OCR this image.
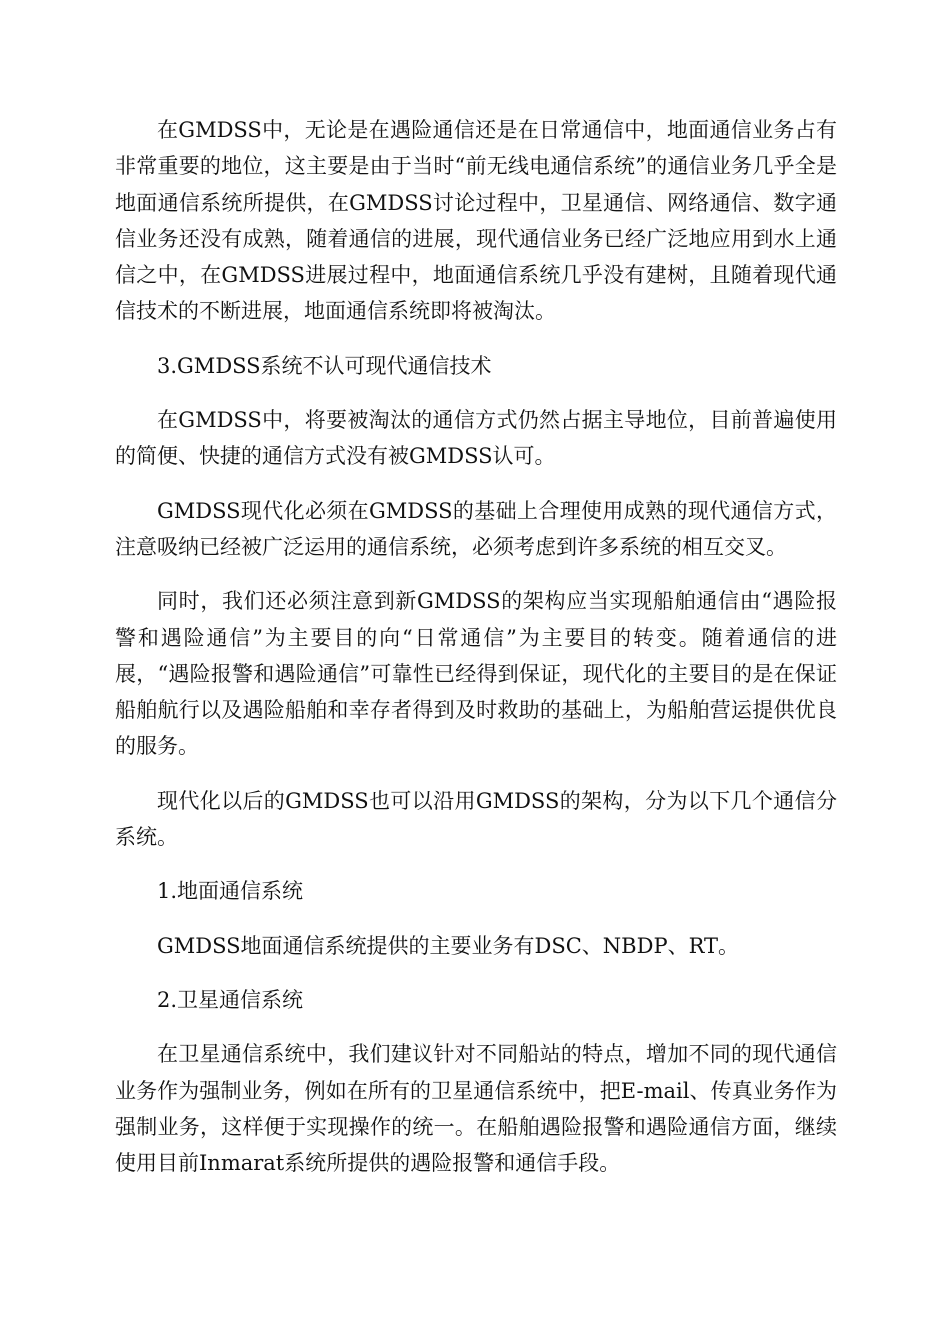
在GMDSS中，无论是在遇险通信还是在日常通信中，地面通信业务占有非常重要的地位，这主要是由于当时“前无线电通信系统”的通信业务几乎全是地面通信系统所提供，在GMDSS讨论过程中，卫星通信、网络通信、数字通信业务还没有成熟，随着通信的进展，现代通信业务已经广泛地应用到水上通信之中，在GMDSS进展过程中，地面通信系统几乎没有建树，且随着现代通信技术的不断进展，地面通信系统即将被淘汰。

3.GMDSS系统不认可现代通信技术

在GMDSS中，将要被淘汰的通信方式仍然占据主导地位，目前普遍使用的简便、快捷的通信方式没有被GMDSS认可。

GMDSS现代化必须在GMDSS的基础上合理使用成熟的现代通信方式，注意吸纳已经被广泛运用的通信系统，必须考虑到许多系统的相互交叉。

同时，我们还必须注意到新GMDSS的架构应当实现船舶通信由“遇险报警和遇险通信”为主要目的向“日常通信”为主要目的转变。随着通信的进展，“遇险报警和遇险通信”可靠性已经得到保证，现代化的主要目的是在保证船舶航行以及遇险船舶和幸存者得到及时救助的基础上，为船舶营运提供优良的服务。

现代化以后的GMDSS也可以沿用GMDSS的架构，分为以下几个通信分系统。

1.地面通信系统

GMDSS地面通信系统提供的主要业务有DSC、NBDP、RT。

2.卫星通信系统

在卫星通信系统中，我们建议针对不同船站的特点，增加不同的现代通信业务作为强制业务，例如在所有的卫星通信系统中，把E-mail、传真业务作为强制业务，这样便于实现操作的统一。在船舶遇险报警和遇险通信方面，继续使用目前Inmarat系统所提供的遇险报警和通信手段。
